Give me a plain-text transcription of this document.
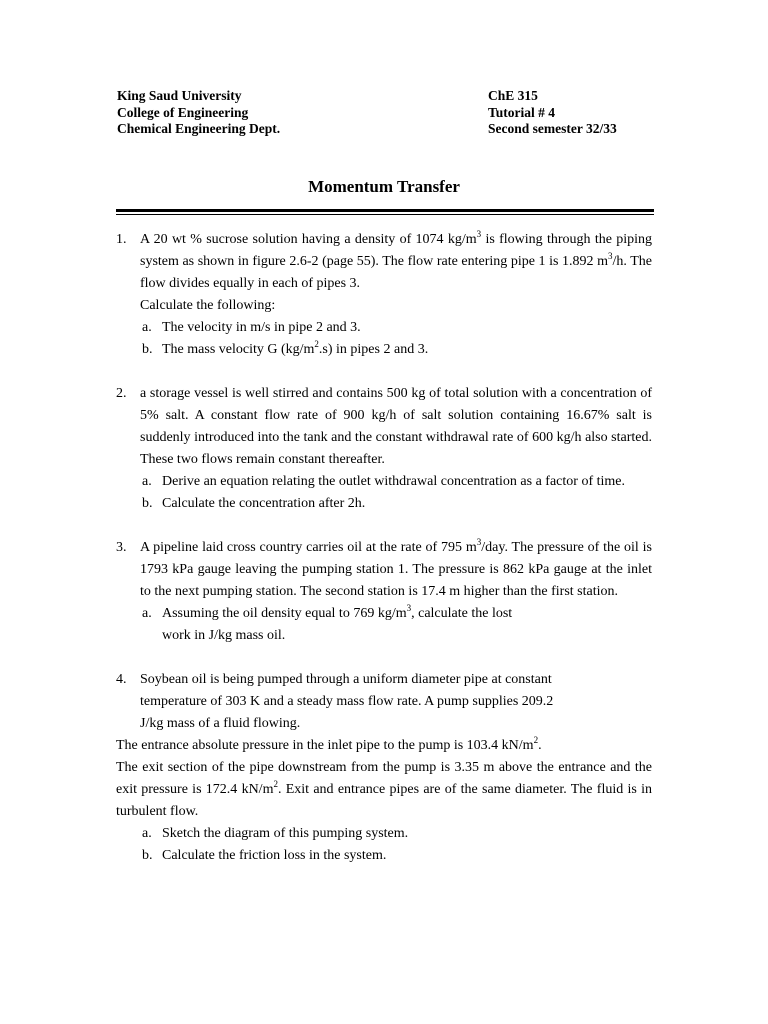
King Saud University
College of Engineering
Chemical Engineering Dept.
ChE 315
Tutorial # 4
Second semester 32/33
Momentum Transfer
1. A 20 wt % sucrose solution having a density of 1074 $kg/m^3$ is flowing through the piping system as shown in figure 2.6-2 (page 55). The flow rate entering pipe 1 is 1.892 $m^3/h$. The flow divides equally in each of pipes 3.
Calculate the following:
a. The velocity in m/s in pipe 2 and 3.
b. The mass velocity G $(kg/m^2.s)$ in pipes 2 and 3.
2. a storage vessel is well stirred and contains 500 kg of total solution with a concentration of 5% salt. A constant flow rate of 900 kg/h of salt solution containing 16.67% salt is suddenly introduced into the tank and the constant withdrawal rate of 600 kg/h also started. These two flows remain constant thereafter.
a. Derive an equation relating the outlet withdrawal concentration as a factor of time.
b. Calculate the concentration after 2h.
3. A pipeline laid cross country carries oil at the rate of 795 $m^3$/day. The pressure of the oil is 1793 kPa gauge leaving the pumping station 1. The pressure is 862 kPa gauge at the inlet to the next pumping station. The second station is 17.4 m higher than the first station.
a. Assuming the oil density equal to 769 $kg/m^3$, calculate the lost
work in J/kg mass oil.
4. Soybean oil is being pumped through a uniform diameter pipe at constant
temperature of 303 K and a steady mass flow rate. A pump supplies 209.2
J/kg mass of a fluid flowing.
The entrance absolute pressure in the inlet pipe to the pump is 103.4 $kN/m^2$.
The exit section of the pipe downstream from the pump is 3.35 m above the entrance and the exit pressure is 172.4 $kN/m^2$. Exit and entrance pipes are of the same diameter. The fluid is in turbulent flow.
a. Sketch the diagram of this pumping system.
b. Calculate the friction loss in the system.
